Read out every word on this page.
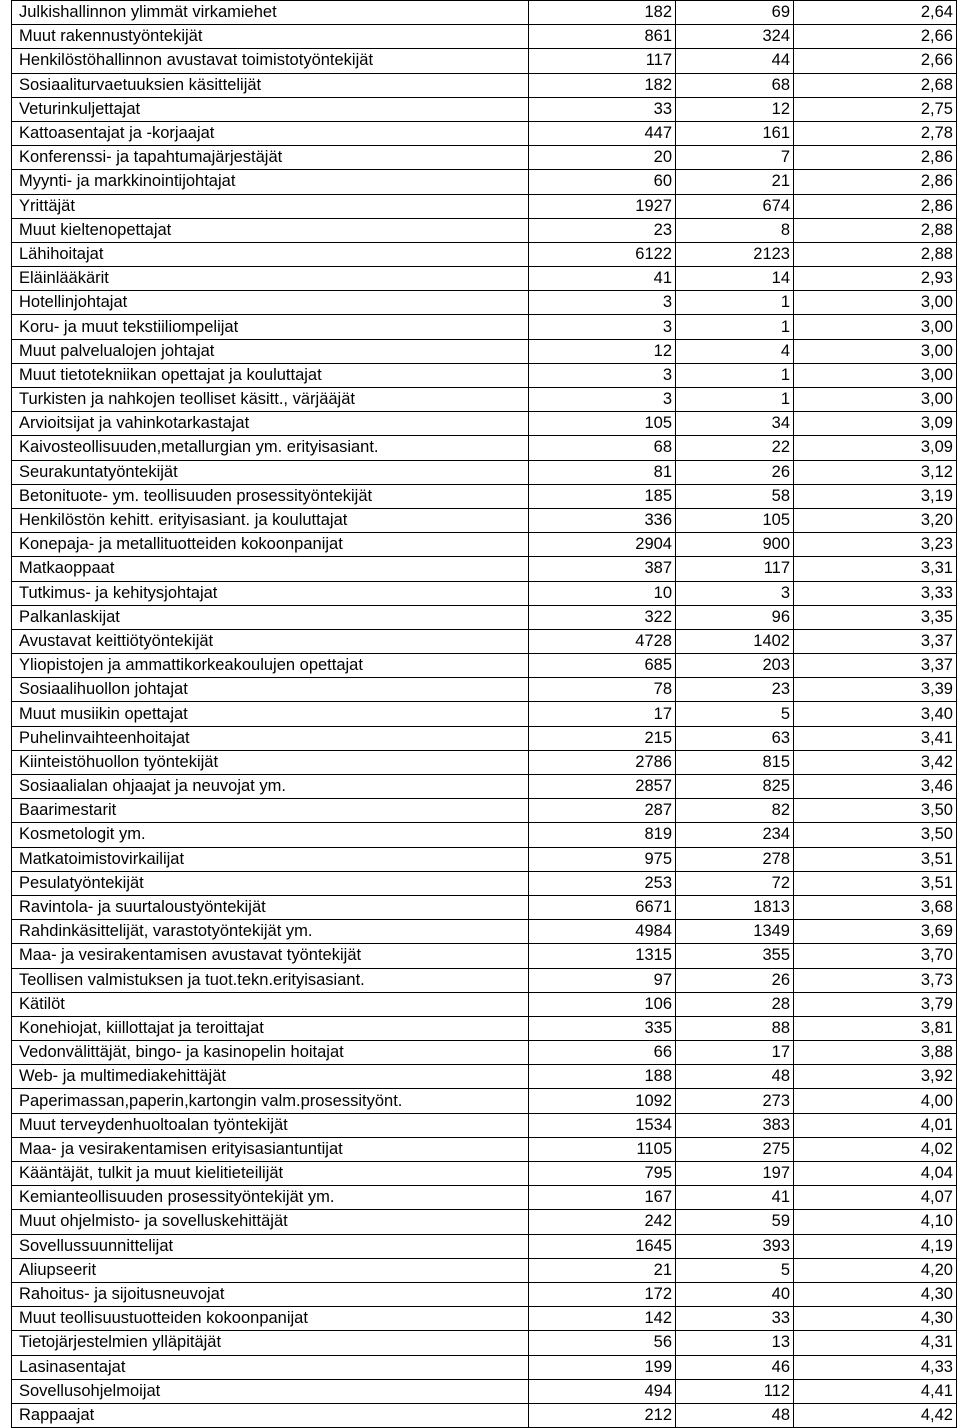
Julkishallinnon ylimmät virkamiehet	182	69	2,64
Muut rakennustyöntekijät	861	324	2,66
Henkilöstöhallinnon avustavat toimistotyöntekijät	117	44	2,66
Sosiaaliturvaetuuksien käsittelijät	182	68	2,68
Veturinkuljettajat	33	12	2,75
Kattoasentajat ja -korjaajat	447	161	2,78
Konferenssi- ja tapahtumajärjestäjät	20	7	2,86
Myynti- ja markkinointijohtajat	60	21	2,86
Yrittäjät	1927	674	2,86
Muut kieltenopettajat	23	8	2,88
Lähihoitajat	6122	2123	2,88
Eläinlääkärit	41	14	2,93
Hotellinjohtajat	3	1	3,00
Koru- ja muut tekstiiliompelijat	3	1	3,00
Muut palvelualojen johtajat	12	4	3,00
Muut tietotekniikan opettajat ja kouluttajat	3	1	3,00
Turkisten ja nahkojen teolliset käsitt., värjääjät	3	1	3,00
Arvioitsijat ja vahinkotarkastajat	105	34	3,09
Kaivosteollisuuden,metallurgian ym. erityisasiant.	68	22	3,09
Seurakuntatyöntekijät	81	26	3,12
Betonituote- ym. teollisuuden prosessityöntekijät	185	58	3,19
Henkilöstön kehitt. erityisasiant. ja kouluttajat	336	105	3,20
Konepaja- ja metallituotteiden kokoonpanijat	2904	900	3,23
Matkaoppaat	387	117	3,31
Tutkimus- ja kehitysjohtajat	10	3	3,33
Palkanlaskijat	322	96	3,35
Avustavat keittiötyöntekijät	4728	1402	3,37
Yliopistojen ja ammattikorkeakoulujen opettajat	685	203	3,37
Sosiaalihuollon johtajat	78	23	3,39
Muut musiikin opettajat	17	5	3,40
Puhelinvaihteenhoitajat	215	63	3,41
Kiinteistöhuollon työntekijät	2786	815	3,42
Sosiaalialan ohjaajat ja neuvojat ym.	2857	825	3,46
Baarimestarit	287	82	3,50
Kosmetologit ym.	819	234	3,50
Matkatoimistovirkailijat	975	278	3,51
Pesulatyöntekijät	253	72	3,51
Ravintola- ja suurtaloustyöntekijät	6671	1813	3,68
Rahdinkäsittelijät, varastotyöntekijät ym.	4984	1349	3,69
Maa- ja vesirakentamisen avustavat työntekijät	1315	355	3,70
Teollisen valmistuksen ja tuot.tekn.erityisasiant.	97	26	3,73
Kätilöt	106	28	3,79
Konehiojat, kiillottajat ja teroittajat	335	88	3,81
Vedonvälittäjät, bingo- ja kasinopelin hoitajat	66	17	3,88
Web- ja multimediakehittäjät	188	48	3,92
Paperimassan,paperin,kartongin valm.prosessityönt.	1092	273	4,00
Muut terveydenhuoltoalan työntekijät	1534	383	4,01
Maa- ja vesirakentamisen erityisasiantuntijat	1105	275	4,02
Kääntäjät, tulkit ja muut kielitieteilijät	795	197	4,04
Kemianteollisuuden prosessityöntekijät ym.	167	41	4,07
Muut ohjelmisto- ja sovelluskehittäjät	242	59	4,10
Sovellussuunnittelijat	1645	393	4,19
Aliupseerit	21	5	4,20
Rahoitus- ja sijoitusneuvojat	172	40	4,30
Muut teollisuustuotteiden kokoonpanijat	142	33	4,30
Tietojärjestelmien ylläpitäjät	56	13	4,31
Lasinasentajat	199	46	4,33
Sovellusohjelmoijat	494	112	4,41
Rappaajat	212	48	4,42
